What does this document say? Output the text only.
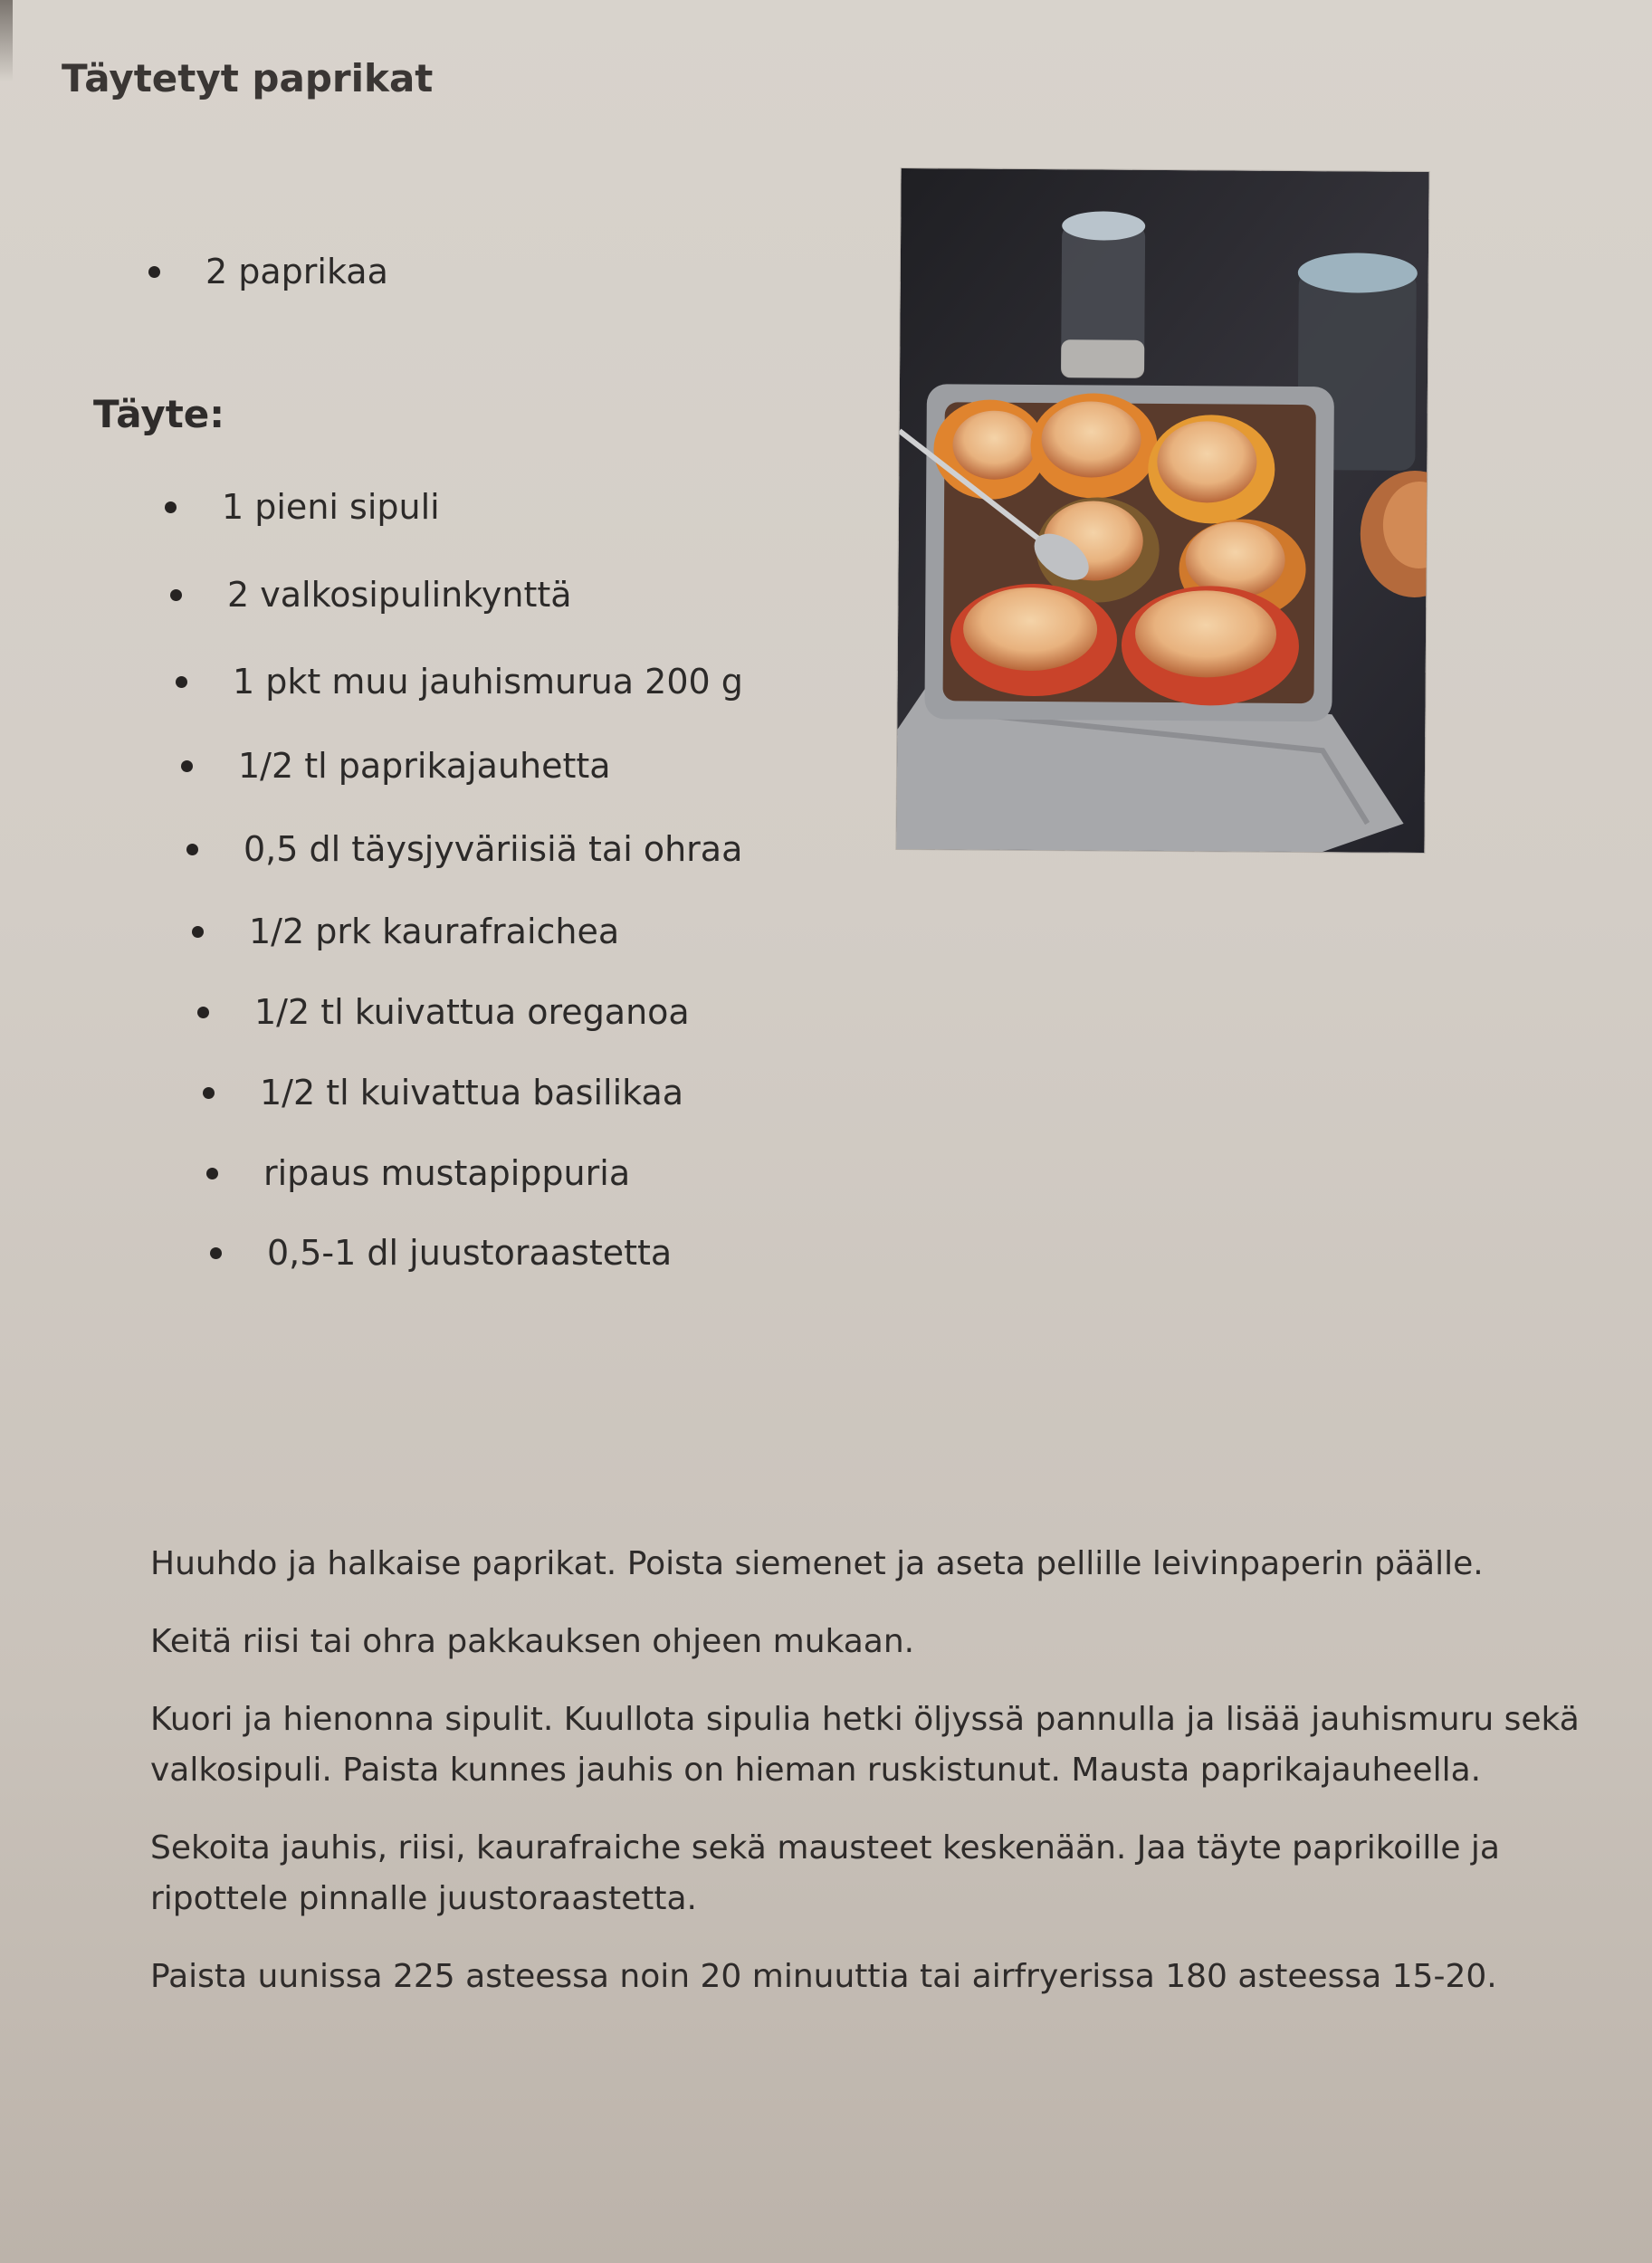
Täytetyt paprikat
2 paprikaa
Täyte:
1 pieni sipuli
2 valkosipulinkynttä
1 pkt muu jauhismurua 200 g
1/2 tl paprikajauhetta
0,5 dl täysjyväriisiä tai ohraa
1/2 prk kaurafraichea
1/2 tl kuivattua oreganoa
1/2 tl kuivattua basilikaa
ripaus mustapippuria
0,5-1 dl juustoraastetta

Huuhdo ja halkaise paprikat. Poista siemenet ja aseta pellille leivinpaperin päälle.

Keitä riisi tai ohra pakkauksen ohjeen mukaan.

Kuori ja hienonna sipulit. Kuullota sipulia hetki öljyssä pannulla ja lisää jauhismuru sekä valkosipuli. Paista kunnes jauhis on hieman ruskistunut. Mausta paprikajauheella.

Sekoita jauhis, riisi, kaurafraiche sekä mausteet keskenään. Jaa täyte paprikoille ja ripottele pinnalle juustoraastetta.

Paista uunissa 225 asteessa noin 20 minuuttia tai airfryerissa 180 asteessa 15-20.
